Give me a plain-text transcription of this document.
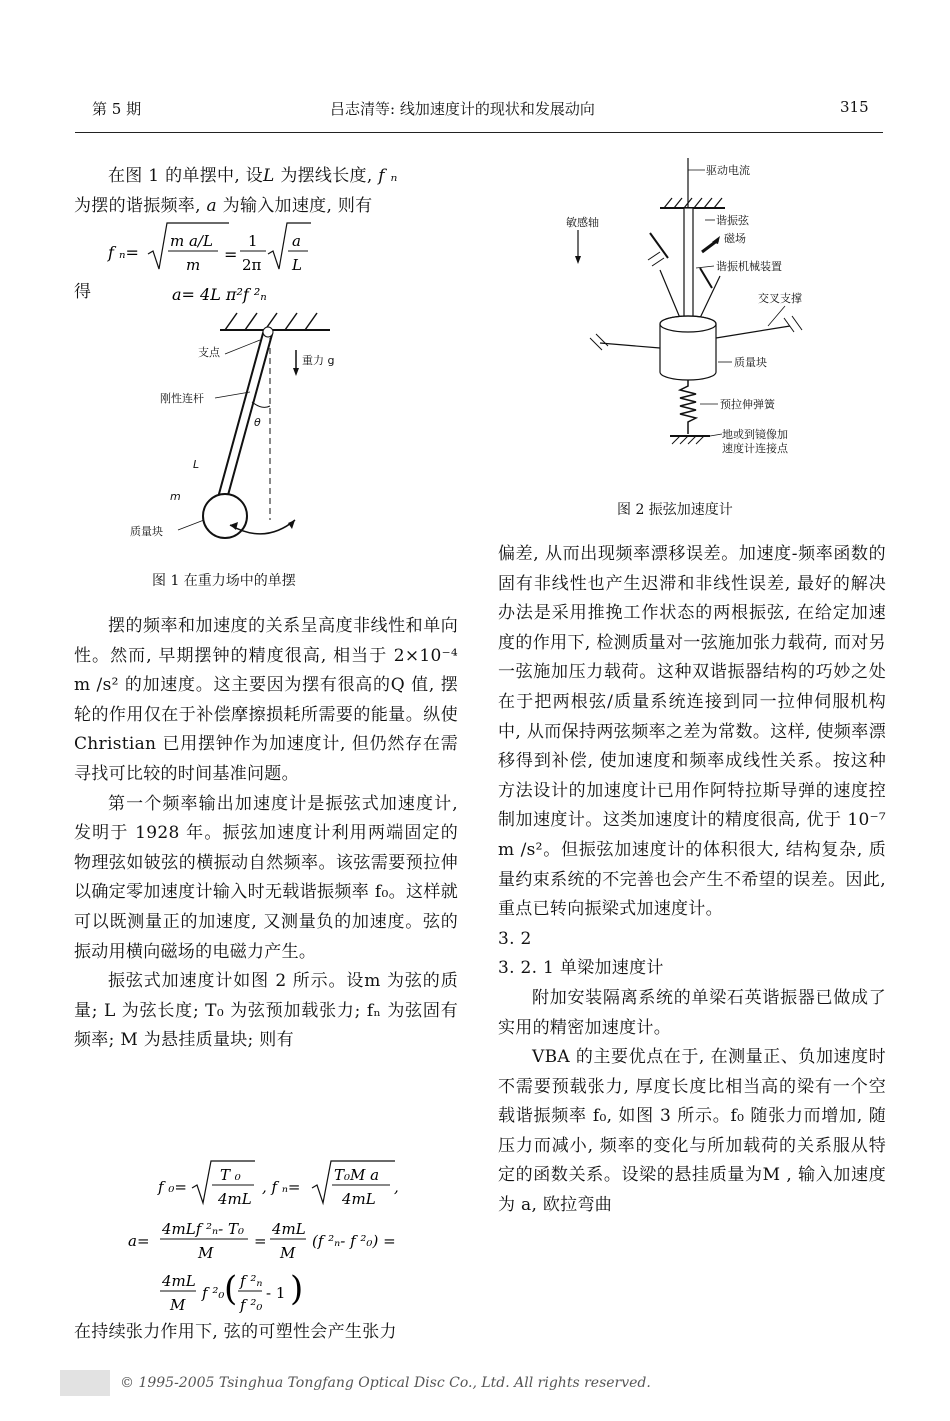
第 5 期	吕志清等: 线加速度计的现状和发展动向	315

在图 1 的单摆中, 设L 为摆线长度, f ₙ

为摆的谐振频率, a 为输入加速度, 则有

f ₙ=
m a∕L
m
=
1
2π
a
L
a= 4L π²f ²ₙ
得
支点
重力 g
刚性连杆
θ
L
m
质量块
图 1 在重力场中的单摆

摆的频率和加速度的关系呈高度非线性和单向性。然而, 早期摆钟的精度很高, 相当于 2×10⁻⁴ m ∕s² 的加速度。这主要因为摆有很高的Q 值, 摆轮的作用仅在于补偿摩擦损耗所需要的能量。纵使Christian 已用摆钟作为加速度计, 但仍然存在需寻找可比较的时间基准问题。

第一个频率输出加速度计是振弦式加速度计, 发明于 1928 年。振弦加速度计利用两端固定的物理弦如铍弦的横振动自然频率。该弦需要预拉伸以确定零加速度计输入时无载谐振频率 f₀。这样就可以既测量正的加速度, 又测量负的加速度。弦的振动用横向磁场的电磁力产生。

振弦式加速度计如图 2 所示。设m 为弦的质量; L 为弦长度; T₀ 为弦预加载张力; fₙ 为弦固有频率; M 为悬挂质量块; 则有

f ₀=
T ₀
4mL
, f ₙ=
T₀M a
4mL
,
a=
4mLf ²ₙ- T₀
M
=
4mL
M
(f ²ₙ- f ²₀) =
4mL
M
f ²₀ ( f ²ₙ
f ²₀
- 1 )

在持续张力作用下, 弦的可塑性会产生张力

驱动电流
敏感轴	谐振弦
磁场
谐振机械装置
交叉支撑
质量块
预拉伸弹簧
地或到镜像加速度计连接点
图 2 振弦加速度计

偏差, 从而出现频率漂移误差。加速度-频率函数的固有非线性也产生迟滞和非线性误差, 最好的解决办法是采用推挽工作状态的两根振弦, 在给定加速度的作用下, 检测质量对一弦施加张力载荷, 而对另一弦施加压力载荷。这种双谐振器结构的巧妙之处在于把两根弦/质量系统连接到同一拉伸伺服机构中, 从而保持两弦频率之差为常数。这样, 使频率漂移得到补偿, 使加速度和频率成线性关系。按这种方法设计的加速度计已用作阿特拉斯导弹的速度控制加速度计。这类加速度计的精度很高, 优于 10⁻⁷ m ∕s²。但振弦加速度计的体积很大, 结构复杂, 质量约束系统的不完善也会产生不希望的误差。因此, 重点已转向振梁式加速度计。

3. 2

3. 2. 1 单梁加速度计

附加安装隔离系统的单梁石英谐振器已做成了实用的精密加速度计。

VBA 的主要优点在于, 在测量正、负加速度时不需要预载张力, 厚度长度比相当高的梁有一个空载谐振频率 f₀, 如图 3 所示。f₀ 随张力而增加, 随压力而减小, 频率的变化与所加载荷的关系服从特定的函数关系。设梁的悬挂质量为M , 输入加速度为 a, 欧拉弯曲

© 1995-2005 Tsinghua Tongfang Optical Disc Co., Ltd. All rights reserved.
